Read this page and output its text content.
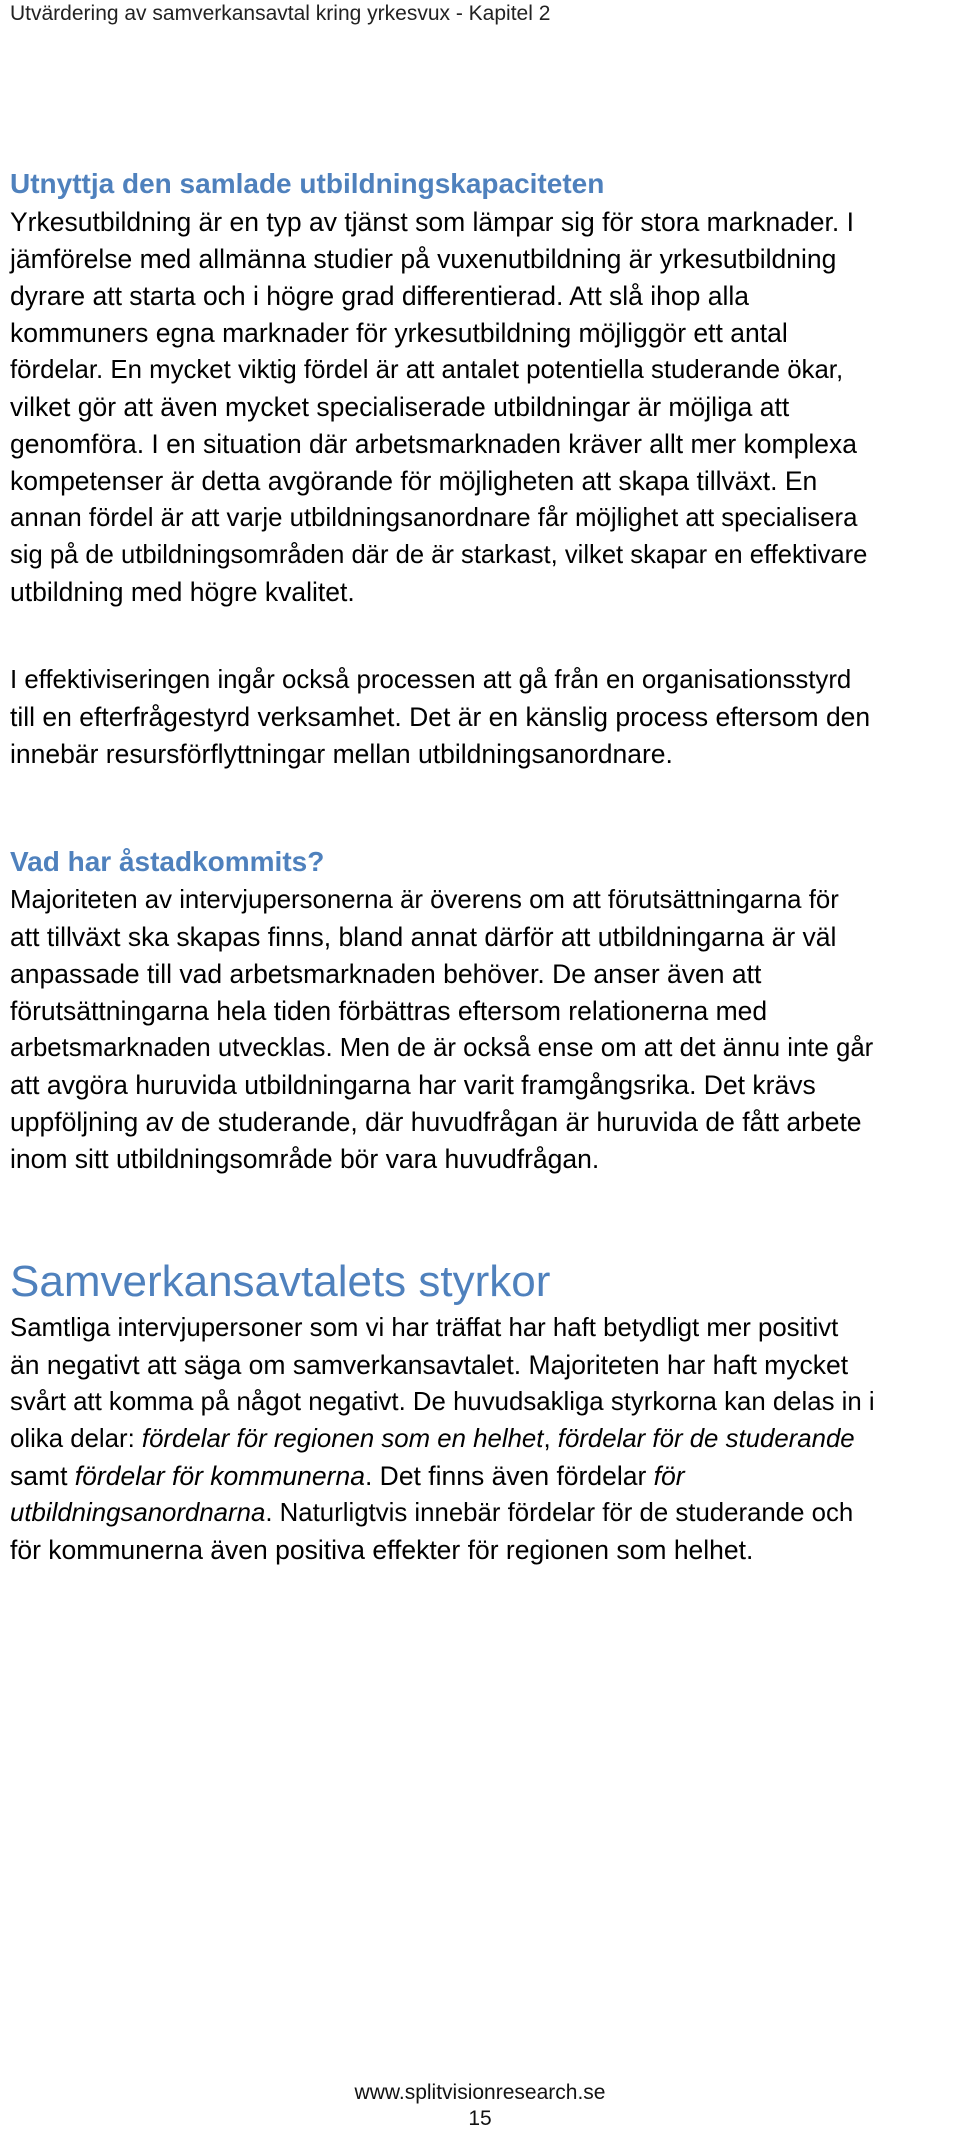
Utvärdering av samverkansavtal kring yrkesvux - Kapitel 2
Utnyttja den samlade utbildningskapaciteten
Yrkesutbildning är en typ av tjänst som lämpar sig för stora marknader. I
jämförelse med allmänna studier på vuxenutbildning är yrkesutbildning
dyrare att starta och i högre grad differentierad. Att slå ihop alla
kommuners egna marknader för yrkesutbildning möjliggör ett antal
fördelar. En mycket viktig fördel är att antalet potentiella studerande ökar,
vilket gör att även mycket specialiserade utbildningar är möjliga att
genomföra. I en situation där arbetsmarknaden kräver allt mer komplexa
kompetenser är detta avgörande för möjligheten att skapa tillväxt. En
annan fördel är att varje utbildningsanordnare får möjlighet att specialisera
sig på de utbildningsområden där de är starkast, vilket skapar en effektivare
utbildning med högre kvalitet.
I effektiviseringen ingår också processen att gå från en organisationsstyrd
till en efterfrågestyrd verksamhet. Det är en känslig process eftersom den
innebär resursförflyttningar mellan utbildningsanordnare.
Vad har åstadkommits?
Majoriteten av intervjupersonerna är överens om att förutsättningarna för
att tillväxt ska skapas finns, bland annat därför att utbildningarna är väl
anpassade till vad arbetsmarknaden behöver. De anser även att
förutsättningarna hela tiden förbättras eftersom relationerna med
arbetsmarknaden utvecklas. Men de är också ense om att det ännu inte går
att avgöra huruvida utbildningarna har varit framgångsrika. Det krävs
uppföljning av de studerande, där huvudfrågan är huruvida de fått arbete
inom sitt utbildningsområde bör vara huvudfrågan.
Samverkansavtalets styrkor
Samtliga intervjupersoner som vi har träffat har haft betydligt mer positivt
än negativt att säga om samverkansavtalet. Majoriteten har haft mycket
svårt att komma på något negativt. De huvudsakliga styrkorna kan delas in i
olika delar: fördelar för regionen som en helhet, fördelar för de studerande
samt fördelar för kommunerna. Det finns även fördelar för
utbildningsanordnarna. Naturligtvis innebär fördelar för de studerande och
för kommunerna även positiva effekter för regionen som helhet.
www.splitvisionresearch.se
15
